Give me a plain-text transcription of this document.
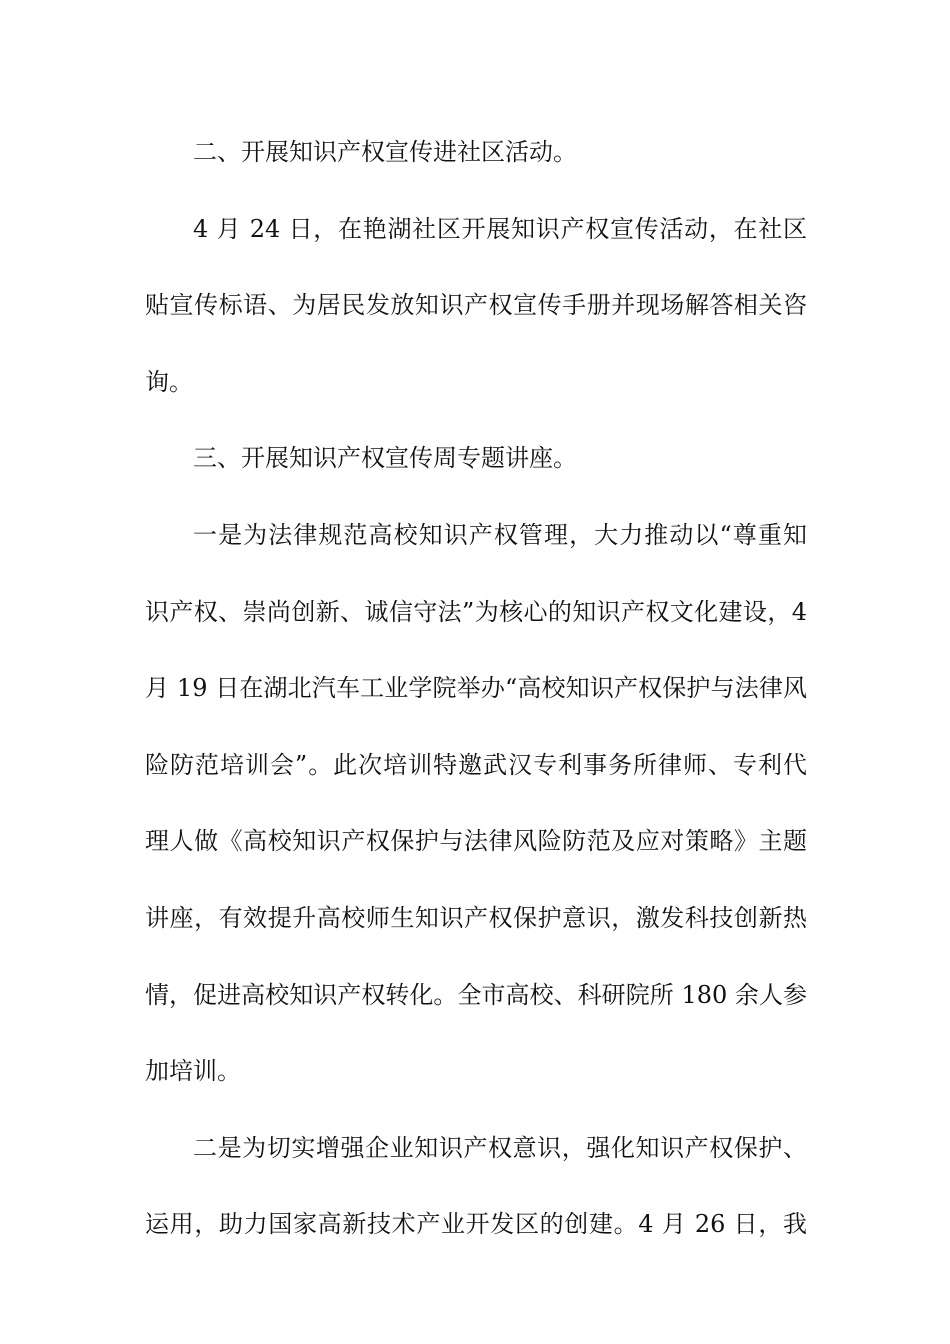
二、开展知识产权宣传进社区活动。
4 月 24 日，在艳湖社区开展知识产权宣传活动，在社区
贴宣传标语、为居民发放知识产权宣传手册并现场解答相关咨
询。
三、开展知识产权宣传周专题讲座。
一是为法律规范高校知识产权管理，大力推动以“尊重知
识产权、崇尚创新、诚信守法”为核心的知识产权文化建设，4
月 19 日在湖北汽车工业学院举办“高校知识产权保护与法律风
险防范培训会”。此次培训特邀武汉专利事务所律师、专利代
理人做《高校知识产权保护与法律风险防范及应对策略》主题
讲座，有效提升高校师生知识产权保护意识，激发科技创新热
情，促进高校知识产权转化。全市高校、科研院所 180 余人参
加培训。
二是为切实增强企业知识产权意识，强化知识产权保护、
运用，助力国家高新技术产业开发区的创建。4 月 26 日，我
